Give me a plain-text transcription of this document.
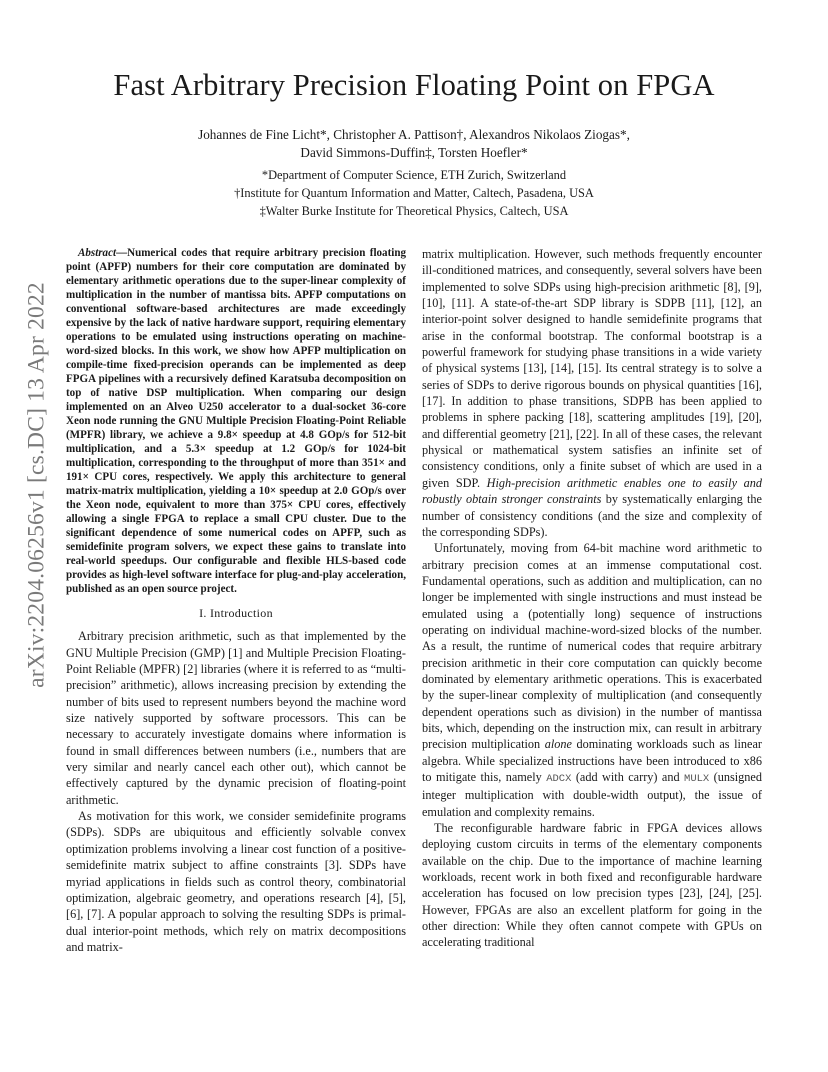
arXiv:2204.06256v1 [cs.DC] 13 Apr 2022
Fast Arbitrary Precision Floating Point on FPGA
Johannes de Fine Licht*, Christopher A. Pattison†, Alexandros Nikolaos Ziogas*,
David Simmons-Duffin‡, Torsten Hoefler*
*Department of Computer Science, ETH Zurich, Switzerland
†Institute for Quantum Information and Matter, Caltech, Pasadena, USA
‡Walter Burke Institute for Theoretical Physics, Caltech, USA

Abstract—Numerical codes that require arbitrary precision floating point (APFP) numbers for their core computation are dominated by elementary arithmetic operations due to the super-linear complexity of multiplication in the number of mantissa bits. APFP computations on conventional software-based architectures are made exceedingly expensive by the lack of native hardware support, requiring elementary operations to be emulated using instructions operating on machine-word-sized blocks. In this work, we show how APFP multiplication on compile-time fixed-precision operands can be implemented as deep FPGA pipelines with a recursively defined Karatsuba decomposition on top of native DSP multiplication. When comparing our design implemented on an Alveo U250 accelerator to a dual-socket 36-core Xeon node running the GNU Multiple Precision Floating-Point Reliable (MPFR) library, we achieve a 9.8× speedup at 4.8 GOp/s for 512-bit multiplication, and a 5.3× speedup at 1.2 GOp/s for 1024-bit multiplication, corresponding to the throughput of more than 351× and 191× CPU cores, respectively. We apply this architecture to general matrix-matrix multiplication, yielding a 10× speedup at 2.0 GOp/s over the Xeon node, equivalent to more than 375× CPU cores, effectively allowing a single FPGA to replace a small CPU cluster. Due to the significant dependence of some numerical codes on APFP, such as semidefinite program solvers, we expect these gains to translate into real-world speedups. Our configurable and flexible HLS-based code provides as high-level software interface for plug-and-play acceleration, published as an open source project.

I. Introduction

Arbitrary precision arithmetic, such as that implemented by the GNU Multiple Precision (GMP) [1] and Multiple Precision Floating-Point Reliable (MPFR) [2] libraries (where it is referred to as “multi-precision” arithmetic), allows increasing precision by extending the number of bits used to represent numbers beyond the machine word size natively supported by software processors. This can be necessary to accurately investigate domains where information is found in small differences between numbers (i.e., numbers that are very similar and nearly cancel each other out), which cannot be effectively captured by the dynamic precision of floating-point arithmetic.

As motivation for this work, we consider semidefinite programs (SDPs). SDPs are ubiquitous and efficiently solvable convex optimization problems involving a linear cost function of a positive-semidefinite matrix subject to affine constraints [3]. SDPs have myriad applications in fields such as control theory, combinatorial optimization, algebraic geometry, and operations research [4], [5], [6], [7]. A popular approach to solving the resulting SDPs is primal-dual interior-point methods, which rely on matrix decompositions and matrix-

matrix multiplication. However, such methods frequently encounter ill-conditioned matrices, and consequently, several solvers have been implemented to solve SDPs using high-precision arithmetic [8], [9], [10], [11]. A state-of-the-art SDP library is SDPB [11], [12], an interior-point solver designed to handle semidefinite programs that arise in the conformal bootstrap. The conformal bootstrap is a powerful framework for studying phase transitions in a wide variety of physical systems [13], [14], [15]. Its central strategy is to solve a series of SDPs to derive rigorous bounds on physical quantities [16], [17]. In addition to phase transitions, SDPB has been applied to problems in sphere packing [18], scattering amplitudes [19], [20], and differential geometry [21], [22]. In all of these cases, the relevant physical or mathematical system satisfies an infinite set of consistency conditions, only a finite subset of which are used in a given SDP. High-precision arithmetic enables one to easily and robustly obtain stronger constraints by systematically enlarging the number of consistency conditions (and the size and complexity of the corresponding SDPs).

Unfortunately, moving from 64-bit machine word arithmetic to arbitrary precision comes at an immense computational cost. Fundamental operations, such as addition and multiplication, can no longer be implemented with single instructions and must instead be emulated using a (potentially long) sequence of instructions operating on individual machine-word-sized blocks of the number. As a result, the runtime of numerical codes that require arbitrary precision arithmetic in their core computation can quickly become dominated by elementary arithmetic operations. This is exacerbated by the super-linear complexity of multiplication (and consequently dependent operations such as division) in the number of mantissa bits, which, depending on the instruction mix, can result in arbitrary precision multiplication alone dominating workloads such as linear algebra. While specialized instructions have been introduced to x86 to mitigate this, namely ADCX (add with carry) and MULX (unsigned integer multiplication with double-width output), the issue of emulation and complexity remains.

The reconfigurable hardware fabric in FPGA devices allows deploying custom circuits in terms of the elementary components available on the chip. Due to the importance of machine learning workloads, recent work in both fixed and reconfigurable hardware acceleration has focused on low precision types [23], [24], [25]. However, FPGAs are also an excellent platform for going in the other direction: While they often cannot compete with GPUs on accelerating traditional
